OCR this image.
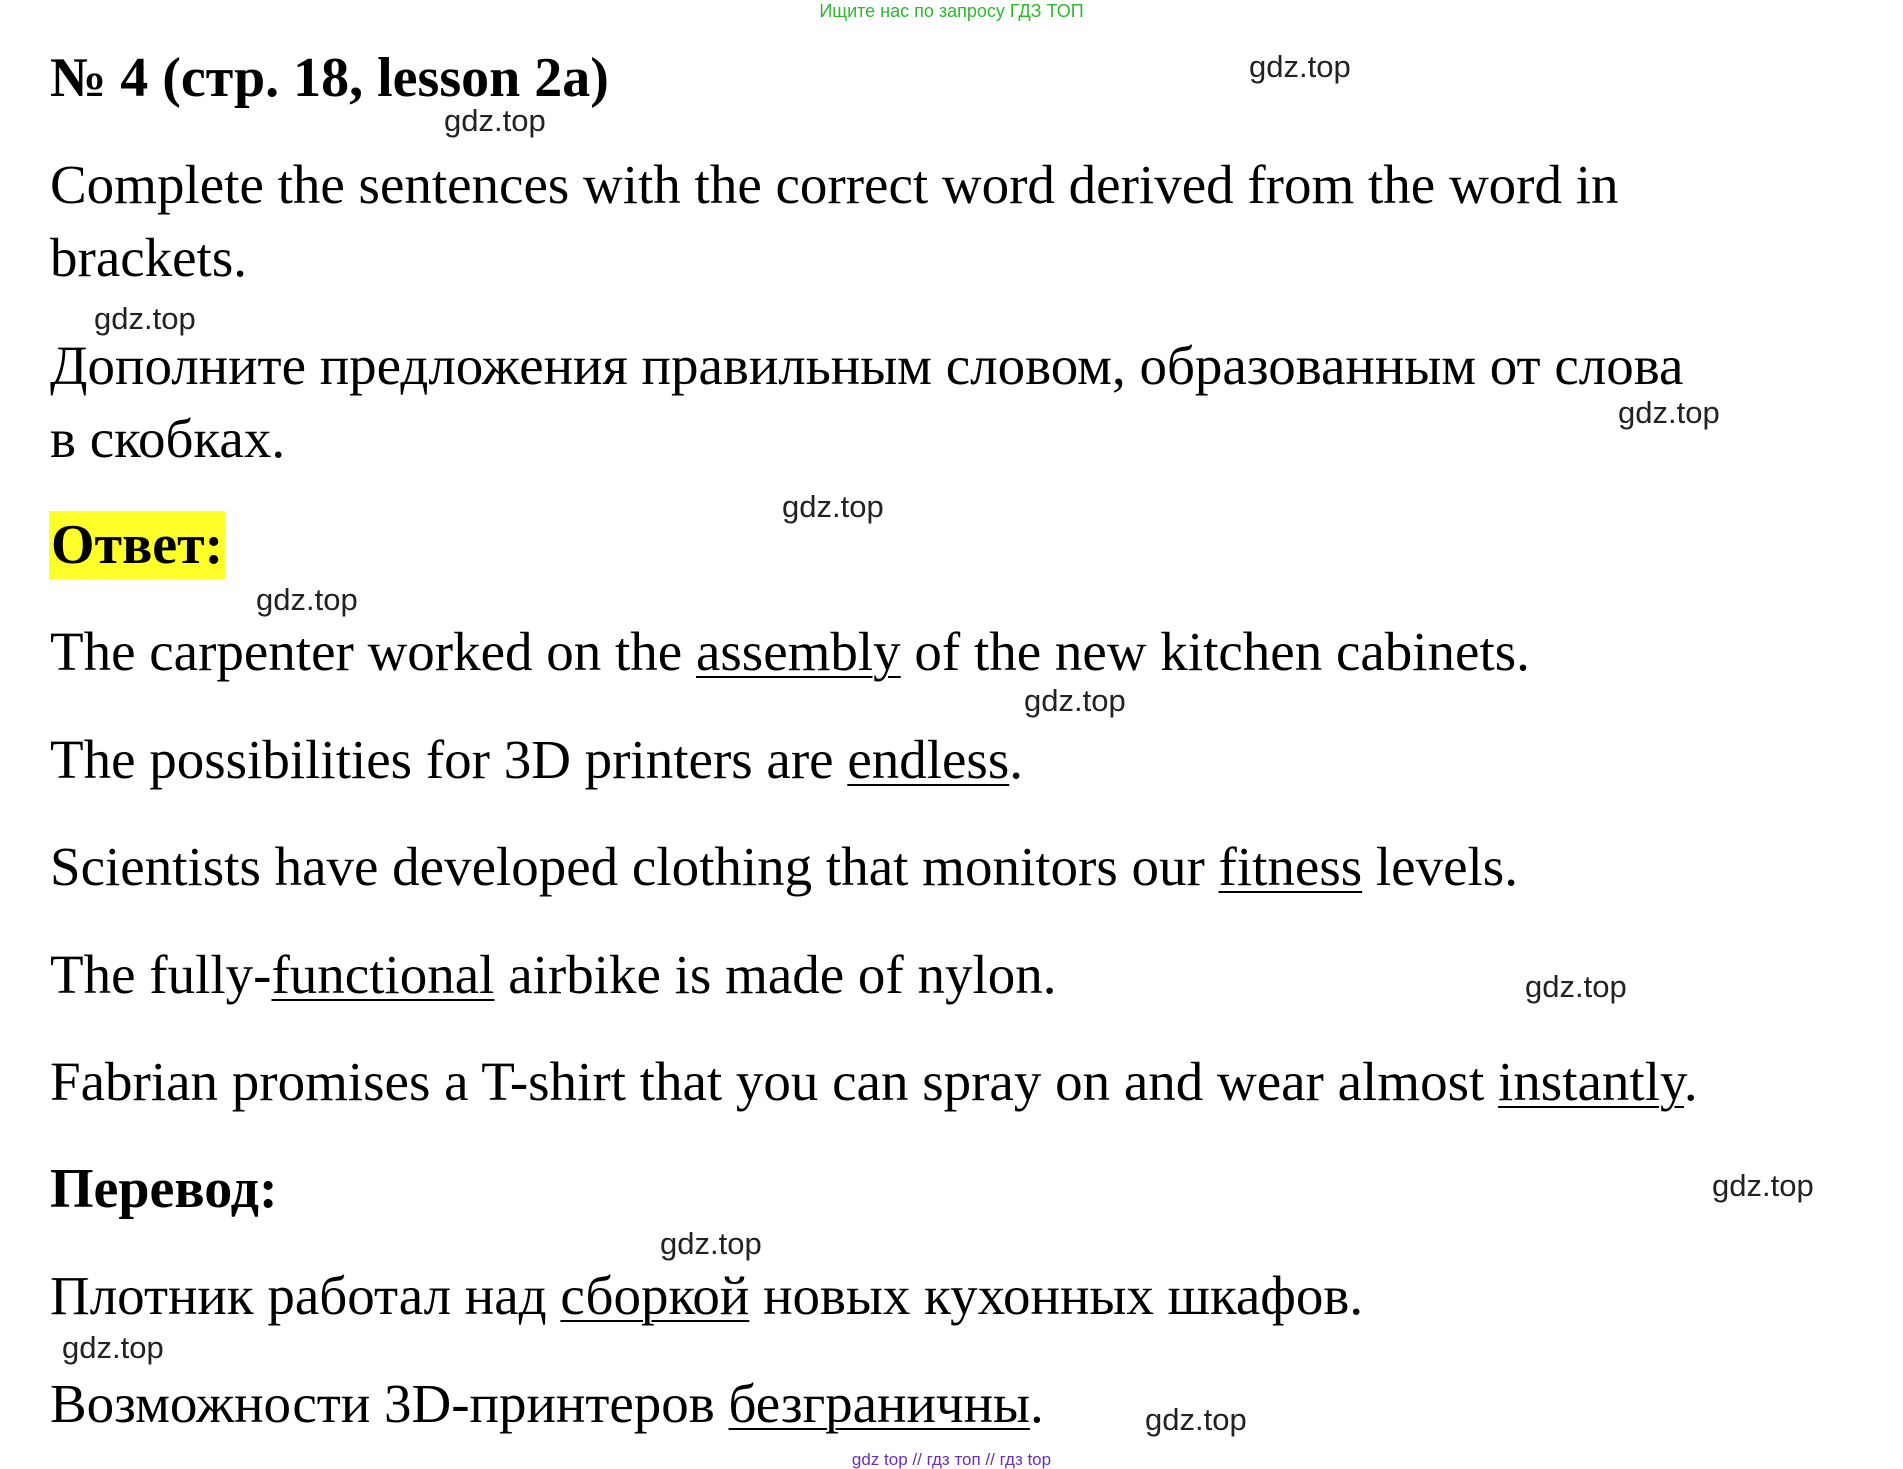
Ищите нас по запросу ГДЗ ТОП
№ 4 (стр. 18, lesson 2a)
Complete the sentences with the correct word derived from the word in
brackets.
Дополните предложения правильным словом, образованным от слова
в скобках.
Ответ:
The carpenter worked on the assembly of the new kitchen cabinets.
The possibilities for 3D printers are endless.
Scientists have developed clothing that monitors our fitness levels.
The fully-functional airbike is made of nylon.
Fabrian promises a T-shirt that you can spray on and wear almost instantly.
Перевод:
Плотник работал над сборкой новых кухонных шкафов.
Возможности 3D-принтеров безграничны.
gdz.top
gdz.top
gdz.top
gdz.top
gdz.top
gdz.top
gdz.top
gdz.top
gdz.top
gdz.top
gdz.top
gdz.top
gdz top // гдз топ // гдз top
